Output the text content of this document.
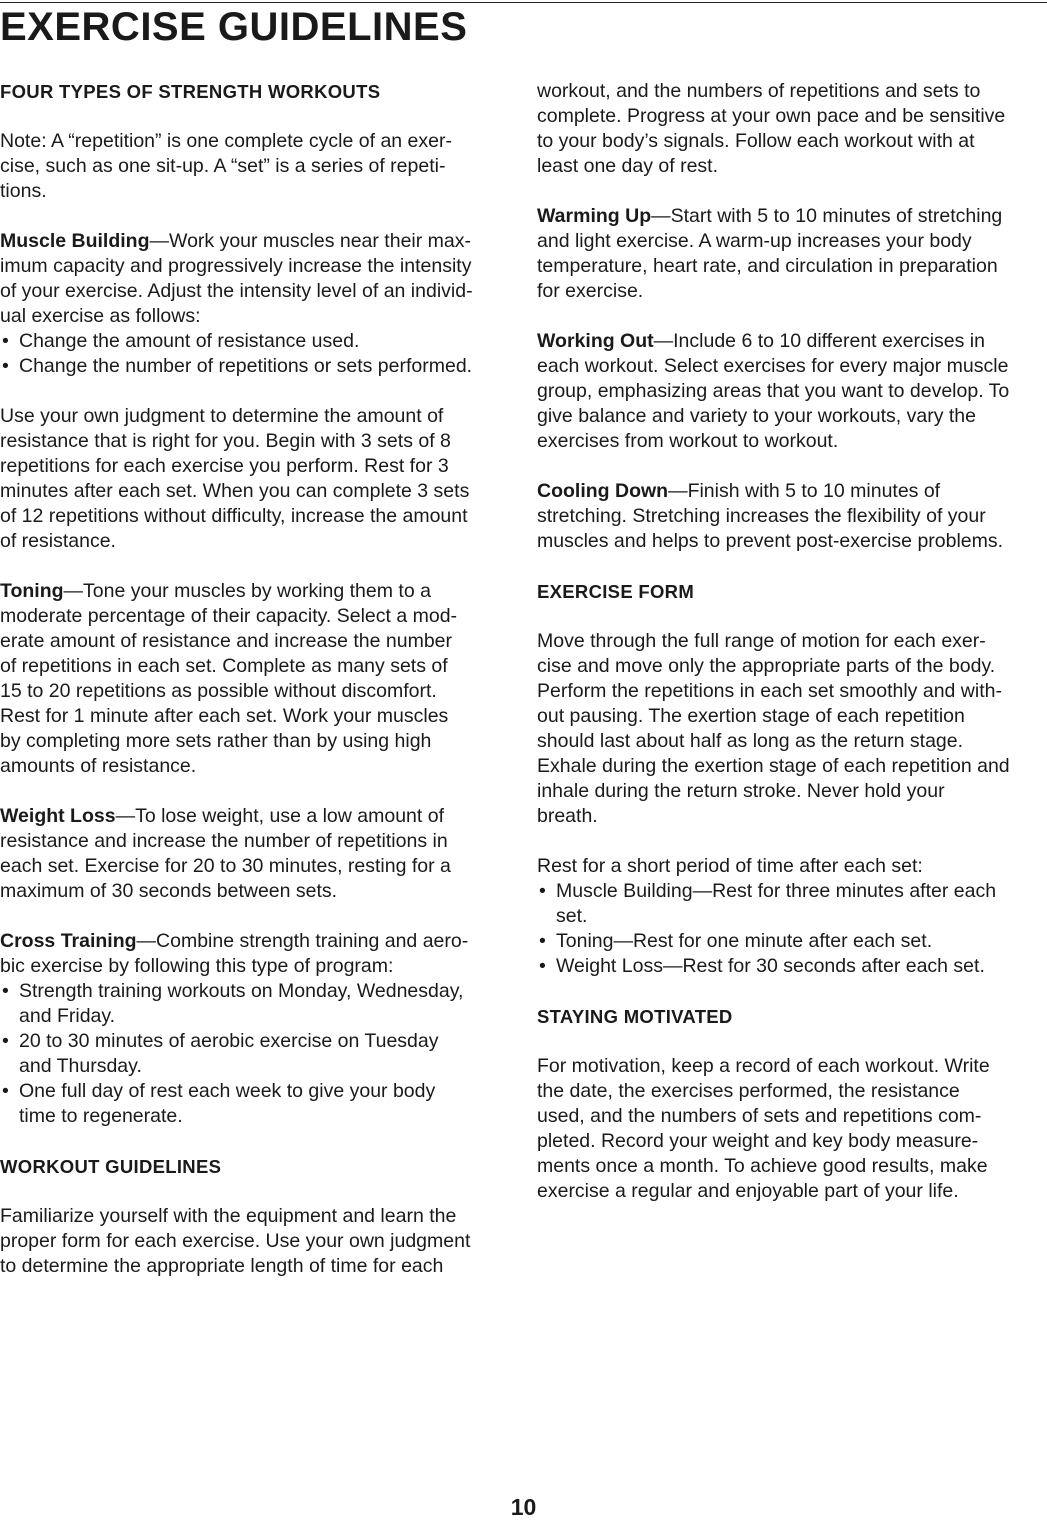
EXERCISE GUIDELINES

FOUR TYPES OF STRENGTH WORKOUTS

Note: A “repetition” is one complete cycle of an exer-
cise, such as one sit-up. A “set” is a series of repeti-
tions.

Muscle Building—Work your muscles near their max-
imum capacity and progressively increase the intensity
of your exercise. Adjust the intensity level of an individ-
ual exercise as follows:
• Change the amount of resistance used.
• Change the number of repetitions or sets performed.

Use your own judgment to determine the amount of
resistance that is right for you. Begin with 3 sets of 8
repetitions for each exercise you perform. Rest for 3
minutes after each set. When you can complete 3 sets
of 12 repetitions without difficulty, increase the amount
of resistance.

Toning—Tone your muscles by working them to a
moderate percentage of their capacity. Select a mod-
erate amount of resistance and increase the number
of repetitions in each set. Complete as many sets of
15 to 20 repetitions as possible without discomfort.
Rest for 1 minute after each set. Work your muscles
by completing more sets rather than by using high
amounts of resistance.

Weight Loss—To lose weight, use a low amount of
resistance and increase the number of repetitions in
each set. Exercise for 20 to 30 minutes, resting for a
maximum of 30 seconds between sets.

Cross Training—Combine strength training and aero-
bic exercise by following this type of program:
• Strength training workouts on Monday, Wednesday,
and Friday.
• 20 to 30 minutes of aerobic exercise on Tuesday
and Thursday.
• One full day of rest each week to give your body
time to regenerate.

WORKOUT GUIDELINES

Familiarize yourself with the equipment and learn the
proper form for each exercise. Use your own judgment
to determine the appropriate length of time for each

workout, and the numbers of repetitions and sets to
complete. Progress at your own pace and be sensitive
to your body’s signals. Follow each workout with at
least one day of rest.

Warming Up—Start with 5 to 10 minutes of stretching
and light exercise. A warm-up increases your body
temperature, heart rate, and circulation in preparation
for exercise.

Working Out—Include 6 to 10 different exercises in
each workout. Select exercises for every major muscle
group, emphasizing areas that you want to develop. To
give balance and variety to your workouts, vary the
exercises from workout to workout.

Cooling Down—Finish with 5 to 10 minutes of
stretching. Stretching increases the flexibility of your
muscles and helps to prevent post-exercise problems.

EXERCISE FORM

Move through the full range of motion for each exer-
cise and move only the appropriate parts of the body.
Perform the repetitions in each set smoothly and with-
out pausing. The exertion stage of each repetition
should last about half as long as the return stage.
Exhale during the exertion stage of each repetition and
inhale during the return stroke. Never hold your
breath.

Rest for a short period of time after each set:
• Muscle Building—Rest for three minutes after each
set.
• Toning—Rest for one minute after each set.
• Weight Loss—Rest for 30 seconds after each set.

STAYING MOTIVATED

For motivation, keep a record of each workout. Write
the date, the exercises performed, the resistance
used, and the numbers of sets and repetitions com-
pleted. Record your weight and key body measure-
ments once a month. To achieve good results, make
exercise a regular and enjoyable part of your life.

10
